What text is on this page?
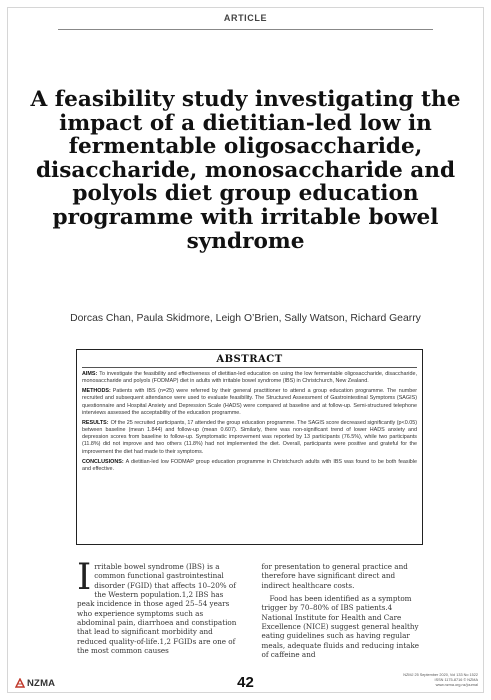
ARTICLE
A feasibility study investigating the impact of a dietitian-led low in fermentable oligosaccharide, disaccharide, monosaccharide and polyols diet group education programme with irritable bowel syndrome
Dorcas Chan, Paula Skidmore, Leigh O’Brien, Sally Watson, Richard Gearry
ABSTRACT

AIMS: To investigate the feasibility and effectiveness of dietitian-led education on using the low fermentable oligosaccharide, disaccharide, monosaccharide and polyols (FODMAP) diet in adults with irritable bowel syndrome (IBS) in Christchurch, New Zealand.

METHODS: Patients with IBS (n=25) were referred by their general practitioner to attend a group education programme. The number recruited and subsequent attendance were used to evaluate feasibility. The Structured Assessment of Gastrointestinal Symptoms (SAGIS) questionnaire and Hospital Anxiety and Depression Scale (HADS) were compared at baseline and at follow-up. Semi-structured telephone interviews assessed the acceptability of the education programme.

RESULTS: Of the 25 recruited participants, 17 attended the group education programme. The SAGIS score decreased significantly (p<0.05) between baseline (mean 1.844) and follow-up (mean 0.607). Similarly, there was non-significant trend of lower HADS anxiety and depression scores from baseline to follow-up. Symptomatic improvement was reported by 13 participants (76.5%), while two participants (11.8%) did not improve and two others (11.8%) had not implemented the diet. Overall, participants were positive and grateful for the improvement the diet had made to their symptoms.

CONCLUSIONS: A dietitian-led low FODMAP group education programme in Christchurch adults with IBS was found to be both feasible and effective.

Irritable bowel syndrome (IBS) is a common functional gastrointestinal disorder (FGID) that affects 10–20% of the Western population.1,2 IBS has peak incidence in those aged 25–54 years who experience symptoms such as abdominal pain, diarrhoea and constipation that lead to significant morbidity and reduced quality-of-life.1,2 FGIDs are one of the most common causes

for presentation to general practice and therefore have significant direct and indirect healthcare costs.

Food has been identified as a symptom trigger by 70–80% of IBS patients.4 National Institute for Health and Care Excellence (NICE) suggest general healthy eating guidelines such as having regular meals, adequate fluids and reducing intake of caffeine and

NZMA	42	NZMJ 25 September 2020, Vol 133 No 1522
ISSN 1175-8716 © NZMA
www.nzma.org.nz/journal
